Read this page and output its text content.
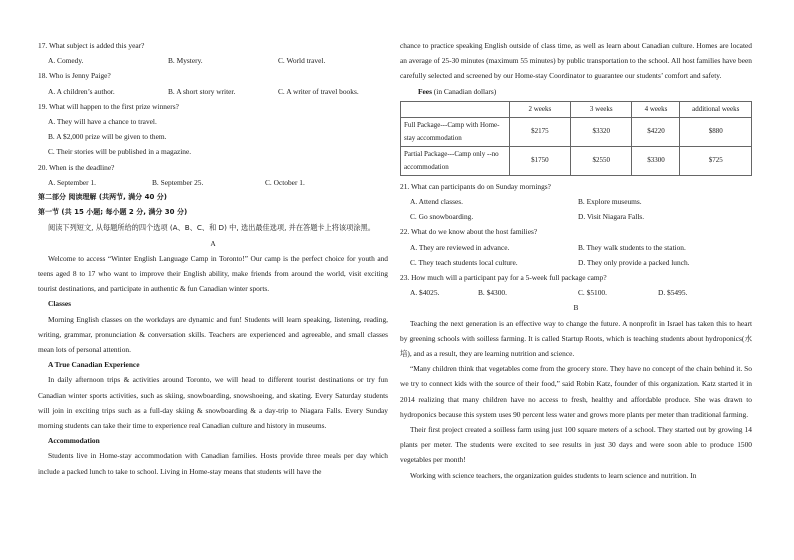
17. What subject is added this year?

A. Comedy.	B. Mystery.	C. World travel.

18. Who is Jenny Paige?

A. A children’s author.	B. A short story writer.	C. A writer of travel books.

19. What will happen to the first prize winners?

A. They will have a chance to travel.

B. A $2,000 prize will be given to them.

C. Their stories will be published in a magazine.

20. When is the deadline?

A. September 1.	B. September 25.	C. October 1.

第二部分 阅读理解 (共两节, 满分 40 分)

第一节 (共 15 小题; 每小题 2 分, 满分 30 分)

阅读下列短文, 从每题所给的四个选项 (A、B、C、和 D) 中, 选出最佳选项, 并在答题卡上将该项涂黑。

A

Welcome to access “Winter English Language Camp in Toronto!” Our camp is the perfect choice for youth and teens aged 8 to 17 who want to improve their English ability, make friends from around the world, visit exciting tourist destinations, and participate in authentic & fun Canadian winter sports.

Classes

Morning English classes on the workdays are dynamic and fun! Students will learn speaking, listening, reading, writing, grammar, pronunciation & conversation skills. Teachers are experienced and agreeable, and small classes mean lots of personal attention.

A True Canadian Experience

In daily afternoon trips & activities around Toronto, we will head to different tourist destinations or try fun Canadian winter sports activities, such as skiing, snowboarding, snowshoeing, and skating. Every Saturday students will join in exciting trips such as a full-day skiing & snowboarding & a day-trip to Niagara Falls. Every Sunday morning students can take their time to experience real Canadian culture and history in museums.

Accommodation

Students live in Home-stay accommodation with Canadian families. Hosts provide three meals per day which include a packed lunch to take to school. Living in Home-stay means that students will have the

chance to practice speaking English outside of class time, as well as learn about Canadian culture. Homes are located an average of 25-30 minutes (maximum 55 minutes) by public transportation to the school. All host families have been carefully selected and screened by our Home-stay Coordinator to guarantee our students’ comfort and safety.

Fees (in Canadian dollars)

	2 weeks	3 weeks	4 weeks	additional weeks
Full Package---Camp with Home-stay accommodation	$2175	$3320	$4220	$880
Partial Package---Camp only --no accommodation	$1750	$2550	$3300	$725

21. What can participants do on Sunday mornings?

A. Attend classes.	B. Explore museums.
C. Go snowboarding.	D. Visit Niagara Falls.

22. What do we know about the host families?

A. They are reviewed in advance.	B. They walk students to the station.
C. They teach students local culture.	D. They only provide a packed lunch.

23. How much will a participant pay for a 5-week full package camp?

A. $4025.	B. $4300.	C. $5100.	D. $5495.

B

Teaching the next generation is an effective way to change the future. A nonprofit in Israel has taken this to heart by greening schools with soilless farming. It is called Startup Roots, which is teaching students about hydroponics(水培), and as a result, they are learning nutrition and science.

“Many children think that vegetables come from the grocery store. They have no concept of the chain behind it. So we try to connect kids with the source of their food,” said Robin Katz, founder of this organization. Katz started it in 2014 realizing that many children have no access to fresh, healthy and affordable produce. She was drawn to hydroponics because this system uses 90 percent less water and grows more plants per meter than traditional farming.

Their first project created a soilless farm using just 100 square meters of a school. They started out by growing 14 plants per meter. The students were excited to see results in just 30 days and were soon able to produce 1500 vegetables per month!

Working with science teachers, the organization guides students to learn science and nutrition. In
